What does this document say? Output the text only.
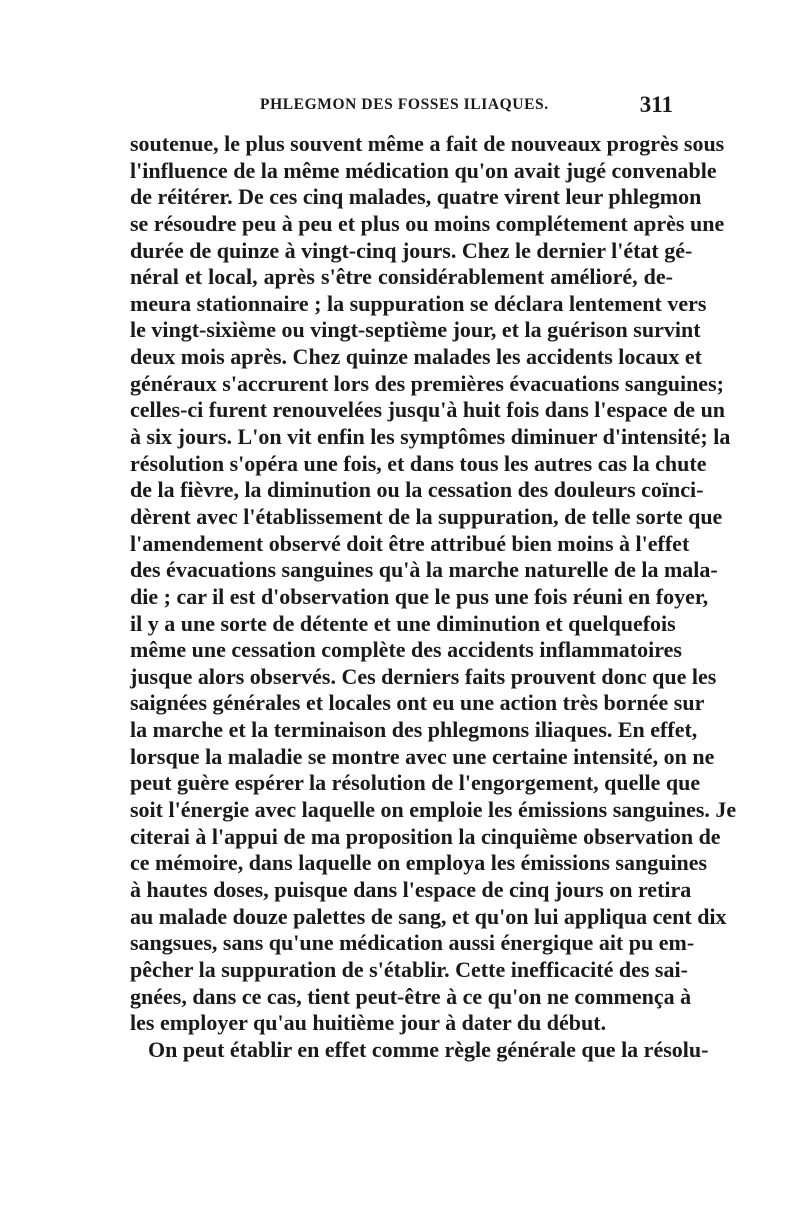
PHLEGMON DES FOSSES ILIAQUES.	311
soutenue, le plus souvent même a fait de nouveaux progrès sous
l'influence de la même médication qu'on avait jugé convenable
de réitérer. De ces cinq malades, quatre virent leur phlegmon
se résoudre peu à peu et plus ou moins complétement après une
durée de quinze à vingt-cinq jours. Chez le dernier l'état gé-
néral et local, après s'être considérablement amélioré, de-
meura stationnaire ; la suppuration se déclara lentement vers
le vingt-sixième ou vingt-septième jour, et la guérison survint
deux mois après. Chez quinze malades les accidents locaux et
généraux s'accrurent lors des premières évacuations sanguines;
celles-ci furent renouvelées jusqu'à huit fois dans l'espace de un
à six jours. L'on vit enfin les symptômes diminuer d'intensité; la
résolution s'opéra une fois, et dans tous les autres cas la chute
de la fièvre, la diminution ou la cessation des douleurs coïnci-
dèrent avec l'établissement de la suppuration, de telle sorte que
l'amendement observé doit être attribué bien moins à l'effet
des évacuations sanguines qu'à la marche naturelle de la mala-
die ; car il est d'observation que le pus une fois réuni en foyer,
il y a une sorte de détente et une diminution et quelquefois
même une cessation complète des accidents inflammatoires
jusque alors observés. Ces derniers faits prouvent donc que les
saignées générales et locales ont eu une action très bornée sur
la marche et la terminaison des phlegmons iliaques. En effet,
lorsque la maladie se montre avec une certaine intensité, on ne
peut guère espérer la résolution de l'engorgement, quelle que
soit l'énergie avec laquelle on emploie les émissions sanguines. Je
citerai à l'appui de ma proposition la cinquième observation de
ce mémoire, dans laquelle on employa les émissions sanguines
à hautes doses, puisque dans l'espace de cinq jours on retira
au malade douze palettes de sang, et qu'on lui appliqua cent dix
sangsues, sans qu'une médication aussi énergique ait pu em-
pêcher la suppuration de s'établir. Cette inefficacité des sai-
gnées, dans ce cas, tient peut-être à ce qu'on ne commença à
les employer qu'au huitième jour à dater du début.
On peut établir en effet comme règle générale que la résolu-
